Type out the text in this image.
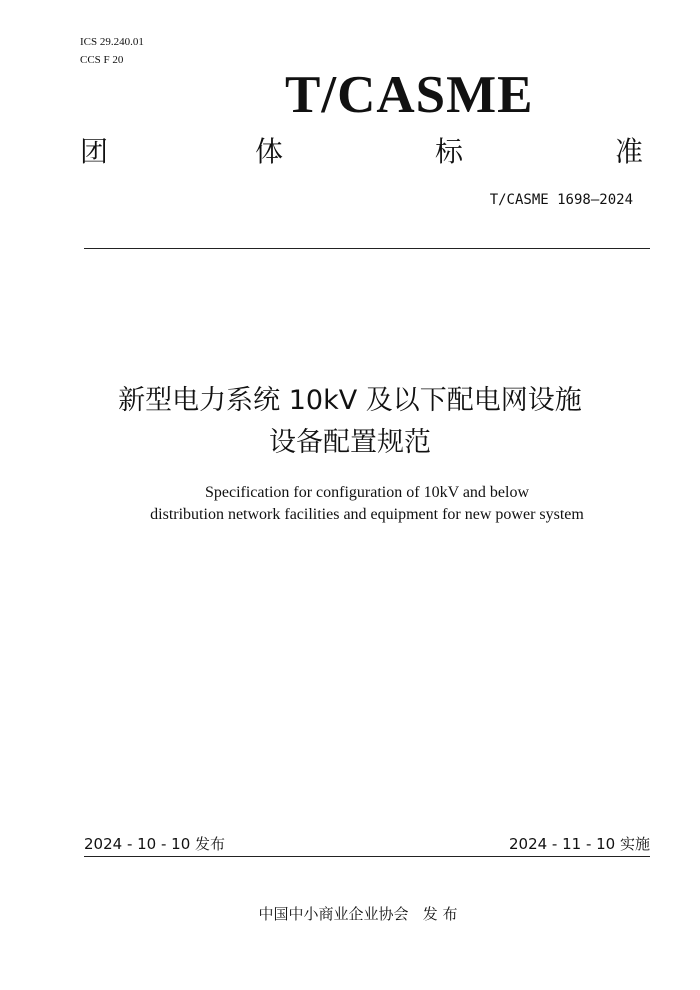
ICS 29.240.01
CCS F 20
T/CASME
团	体	标	准
T/CASME 1698—2024
新型电力系统 10kV 及以下配电网设施
设备配置规范
Specification for configuration of 10kV and below
distribution network facilities and equipment for new power system
2024 - 10 - 10 发布	2024 - 11 - 10 实施
中国中小商业企业协会   发 布
